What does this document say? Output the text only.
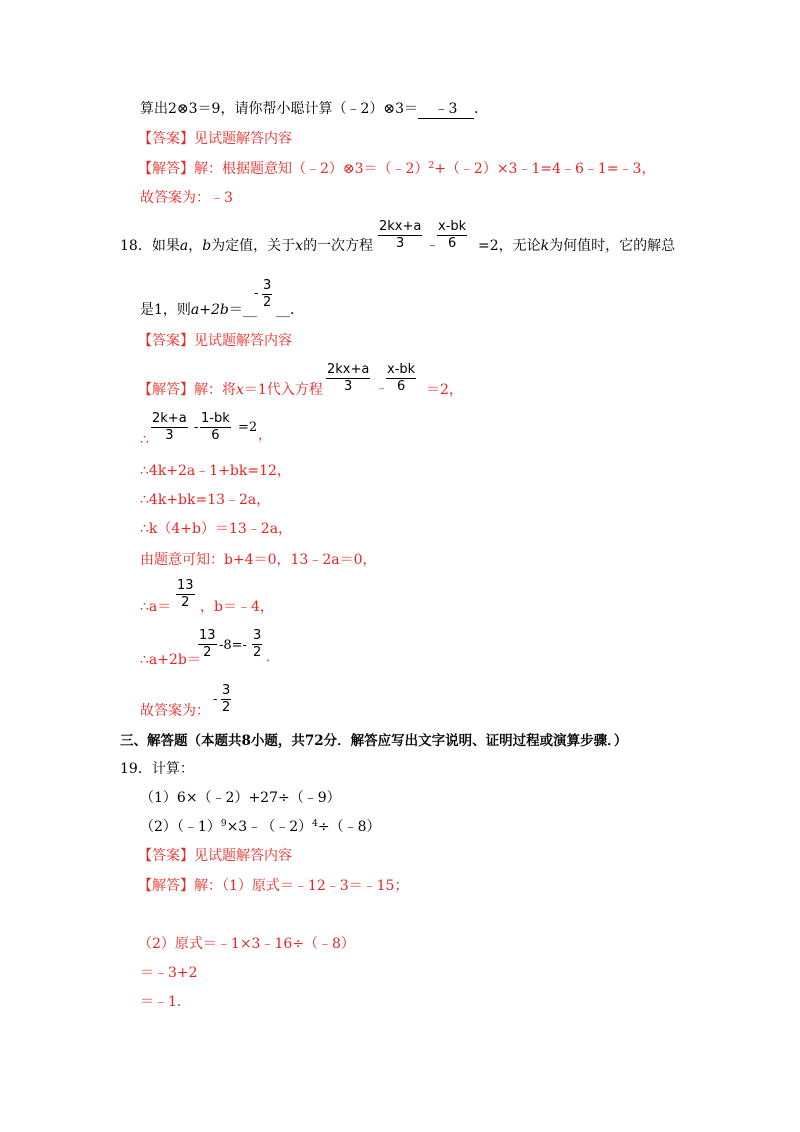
算出2⊗3＝9，请你帮小聪计算（﹣2）⊗3＝ ﹣3 ．
【答案】见试题解答内容
【解答】解：根据题意知（﹣2）⊗3＝（﹣2）$^2$+（﹣2）×3﹣1=4﹣6﹣1=﹣3，
故答案为：﹣3
18．如果a，b为定值，关于x的一次方程 $\frac{2kx+a}{3}$ ﹣
$\frac{x-bk}{6} =2$，无论k为何值时，它的解总
是1，则a+2b＝__
- $\frac{3}{2}$ __．
【答案】见试题解答内容
【解答】解：将x＝1代入方程 $\frac{2kx+a}{3}$ ﹣
$\frac{x-bk}{6} =2$，
∴ $\frac{2k+a}{3} - \frac{1-bk}{6} =2$
，
∴4k+2a﹣1+bk=12，
∴4k+bk=13﹣2a，
∴k（4+b）＝13﹣2a，
由题意可知：b+4＝0，13﹣2a＝0，
∴a＝ $\frac{13}{2}$ ，b＝﹣4，
∴a+2b＝
$\frac{13}{2} -8=- \frac{3}{2}$ ．
故答案为：
- $\frac{3}{2}$
三、解答题（本题共8小题，共72分．解答应写出文字说明、证明过程或演算步骤．）
19．计算：
（1）6×（﹣2）+27÷（﹣9）
（2）（﹣1）$^9$×3﹣（﹣2）$^4$÷（﹣8）
【答案】见试题解答内容
【解答】解：（1）原式＝﹣12﹣3＝﹣15；
（2）原式＝﹣1×3﹣16÷（﹣8）
＝﹣3+2
＝﹣1．
